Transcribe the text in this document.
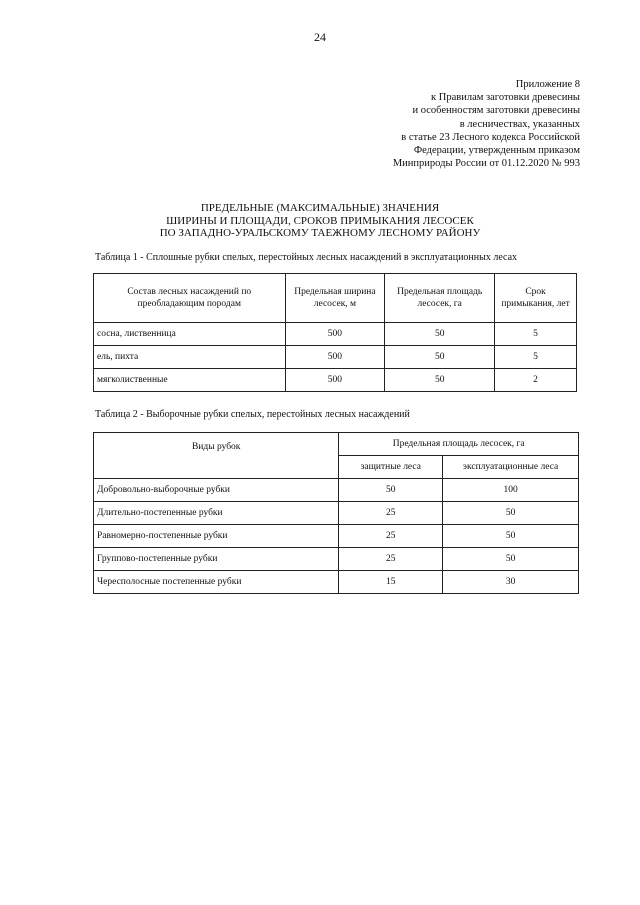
24
Приложение 8
к Правилам заготовки древесины
и особенностям заготовки древесины
в лесничествах, указанных
в статье 23 Лесного кодекса Российской
Федерации, утвержденным приказом
Минприроды России от 01.12.2020 № 993
ПРЕДЕЛЬНЫЕ (МАКСИМАЛЬНЫЕ) ЗНАЧЕНИЯ
ШИРИНЫ И ПЛОЩАДИ, СРОКОВ ПРИМЫКАНИЯ ЛЕСОСЕК
ПО ЗАПАДНО-УРАЛЬСКОМУ ТАЕЖНОМУ ЛЕСНОМУ РАЙОНУ
Таблица 1 - Сплошные рубки спелых, перестойных лесных насаждений в эксплуатационных лесах
Состав лесных насаждений по преобладающим породам	Предельная ширина лесосек, м	Предельная площадь лесосек, га	Срок примыкания, лет
сосна, лиственница	500	50	5
ель, пихта	500	50	5
мягколиственные	500	50	2
Таблица 2 - Выборочные рубки спелых, перестойных лесных насаждений
Виды рубок	Предельная площадь лесосек, га	
	защитные леса	эксплуатационные леса
Добровольно-выборочные рубки	50	100
Длительно-постепенные рубки	25	50
Равномерно-постепенные рубки	25	50
Группово-постепенные рубки	25	50
Чересполосные постепенные рубки	15	30
